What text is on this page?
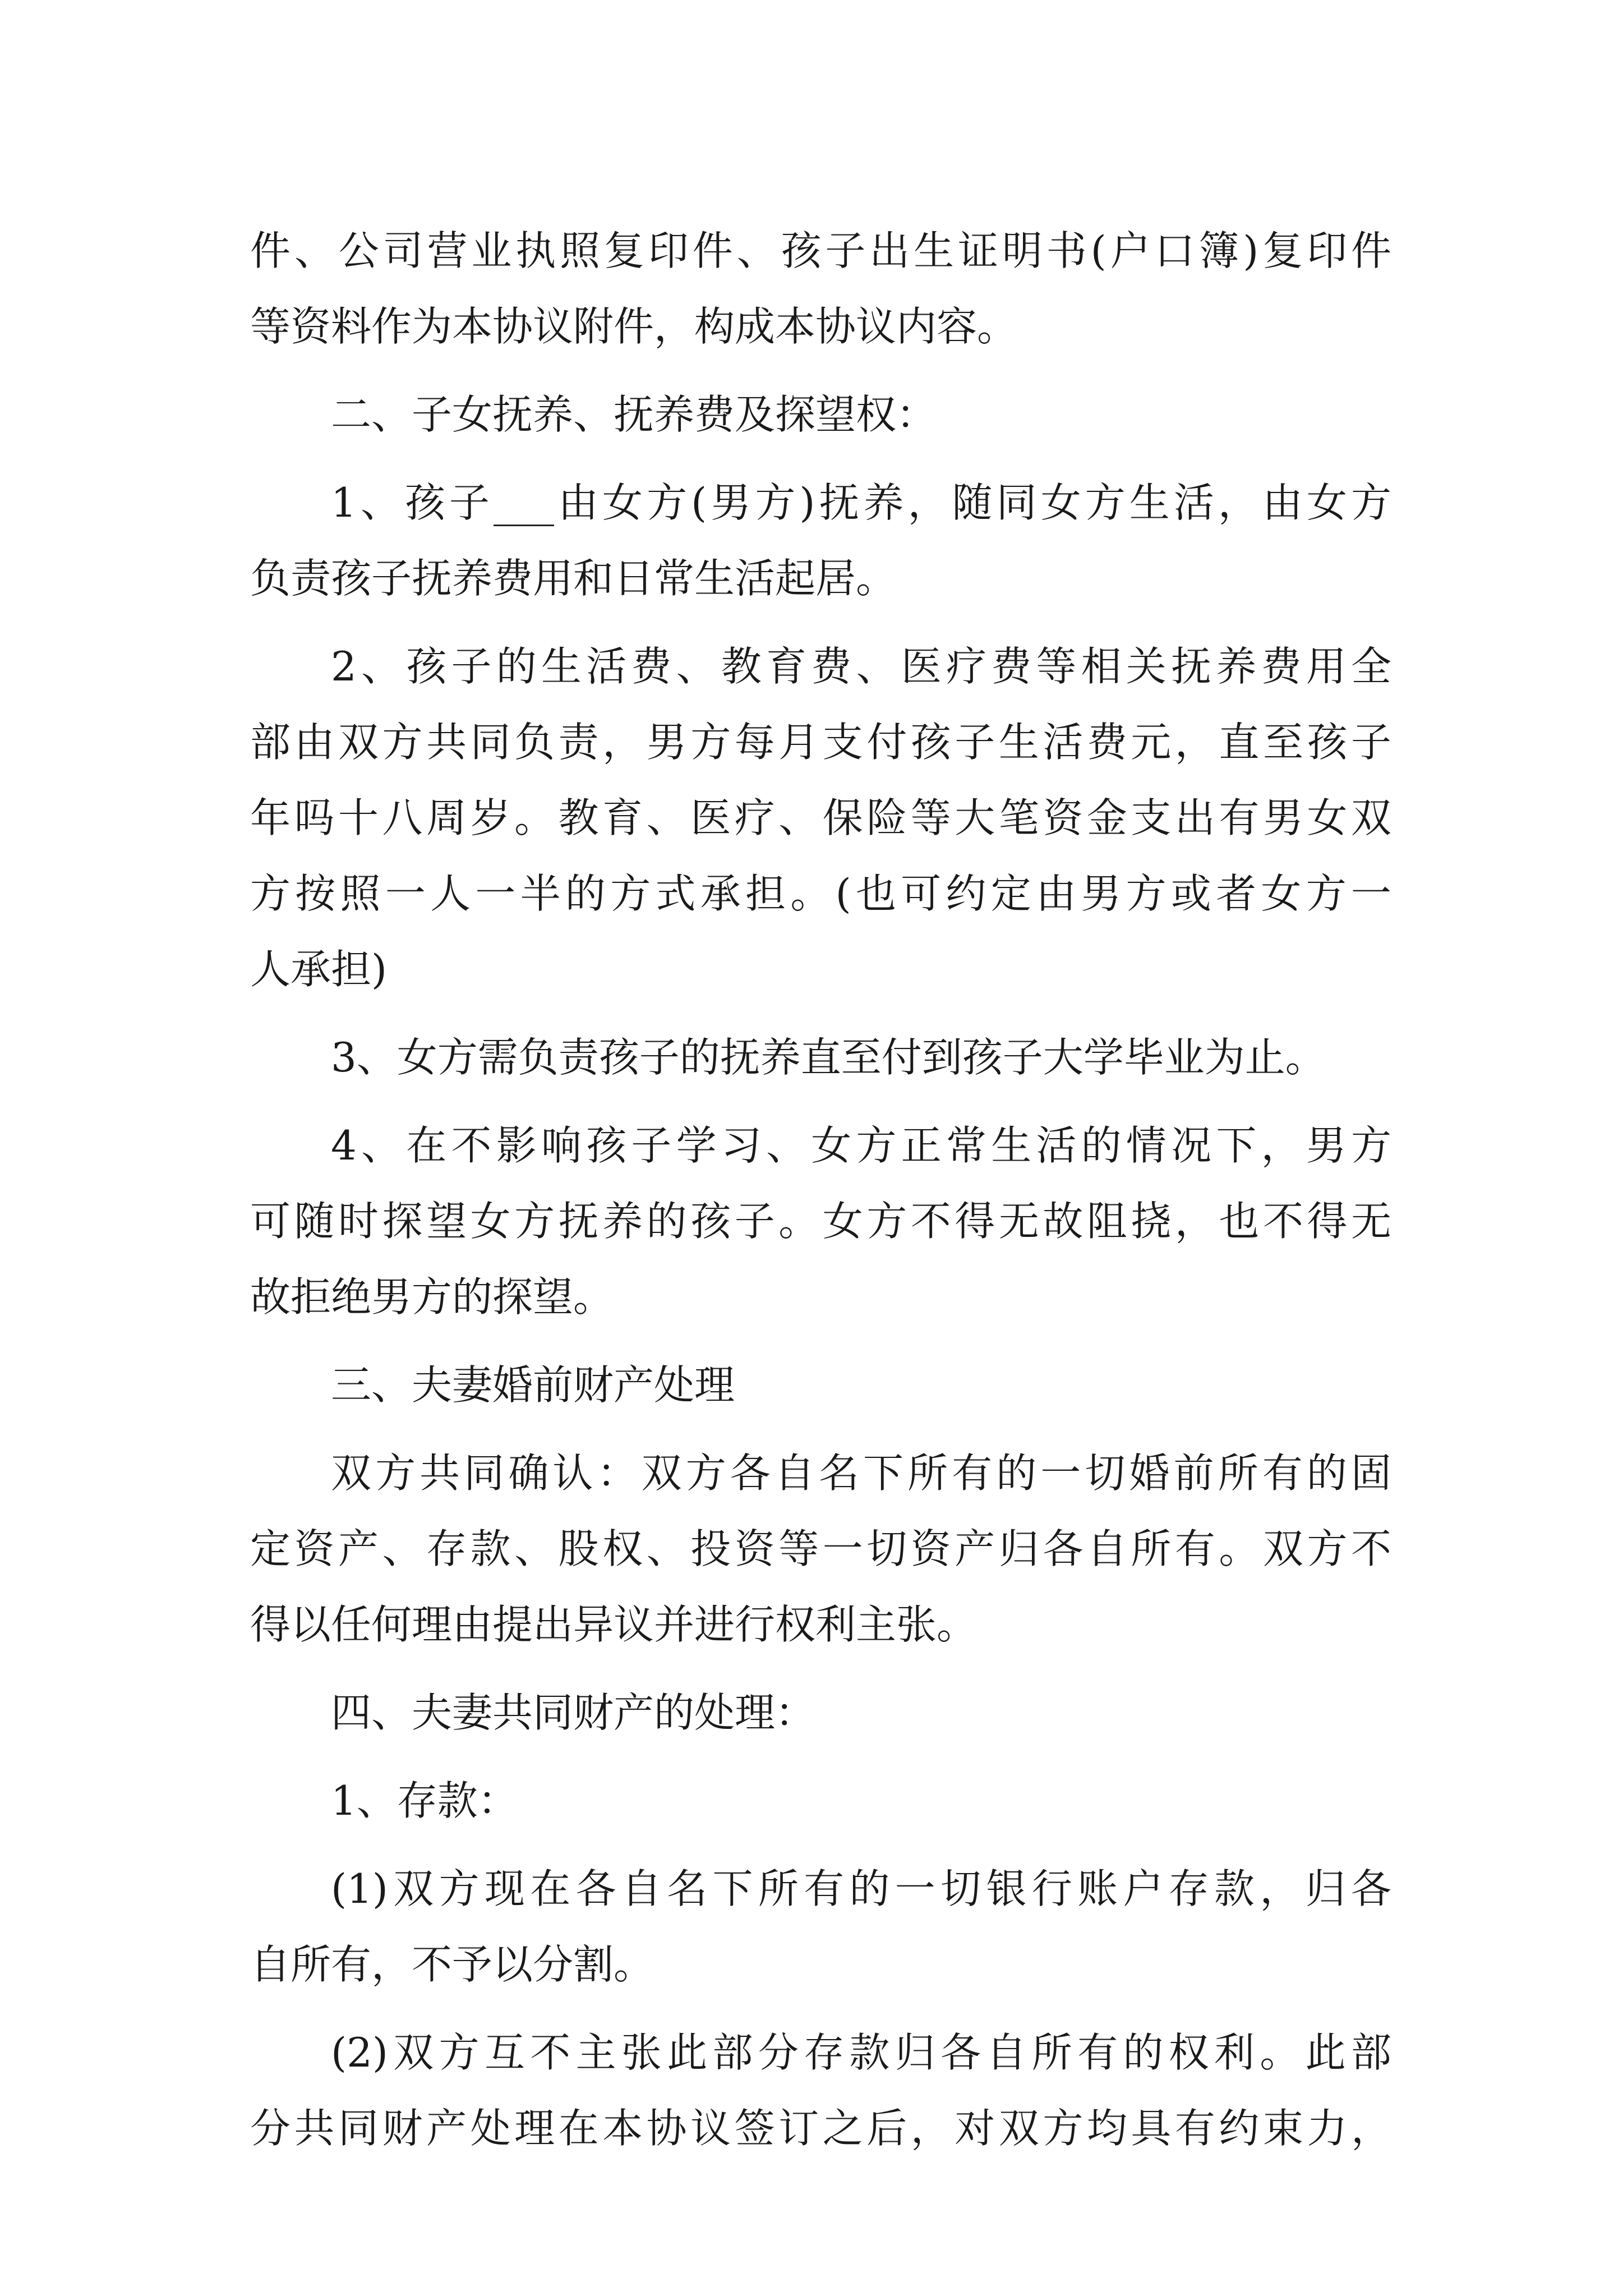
件、公司营业执照复印件、孩子出生证明书(户口簿)复印件
等资料作为本协议附件，构成本协议内容。
二、子女抚养、抚养费及探望权：
1、孩子___由女方(男方)抚养，随同女方生活，由女方
负责孩子抚养费用和日常生活起居。
2、孩子的生活费、教育费、医疗费等相关抚养费用全
部由双方共同负责，男方每月支付孩子生活费元，直至孩子
年吗十八周岁。教育、医疗、保险等大笔资金支出有男女双
方按照一人一半的方式承担。(也可约定由男方或者女方一
人承担)
3、女方需负责孩子的抚养直至付到孩子大学毕业为止。
4、在不影响孩子学习、女方正常生活的情况下，男方
可随时探望女方抚养的孩子。女方不得无故阻挠，也不得无
故拒绝男方的探望。
三、夫妻婚前财产处理
双方共同确认：双方各自名下所有的一切婚前所有的固
定资产、存款、股权、投资等一切资产归各自所有。双方不
得以任何理由提出异议并进行权利主张。
四、夫妻共同财产的处理：
1、存款：
(1)双方现在各自名下所有的一切银行账户存款，归各
自所有，不予以分割。
(2)双方互不主张此部分存款归各自所有的权利。此部
分共同财产处理在本协议签订之后，对双方均具有约束力，
